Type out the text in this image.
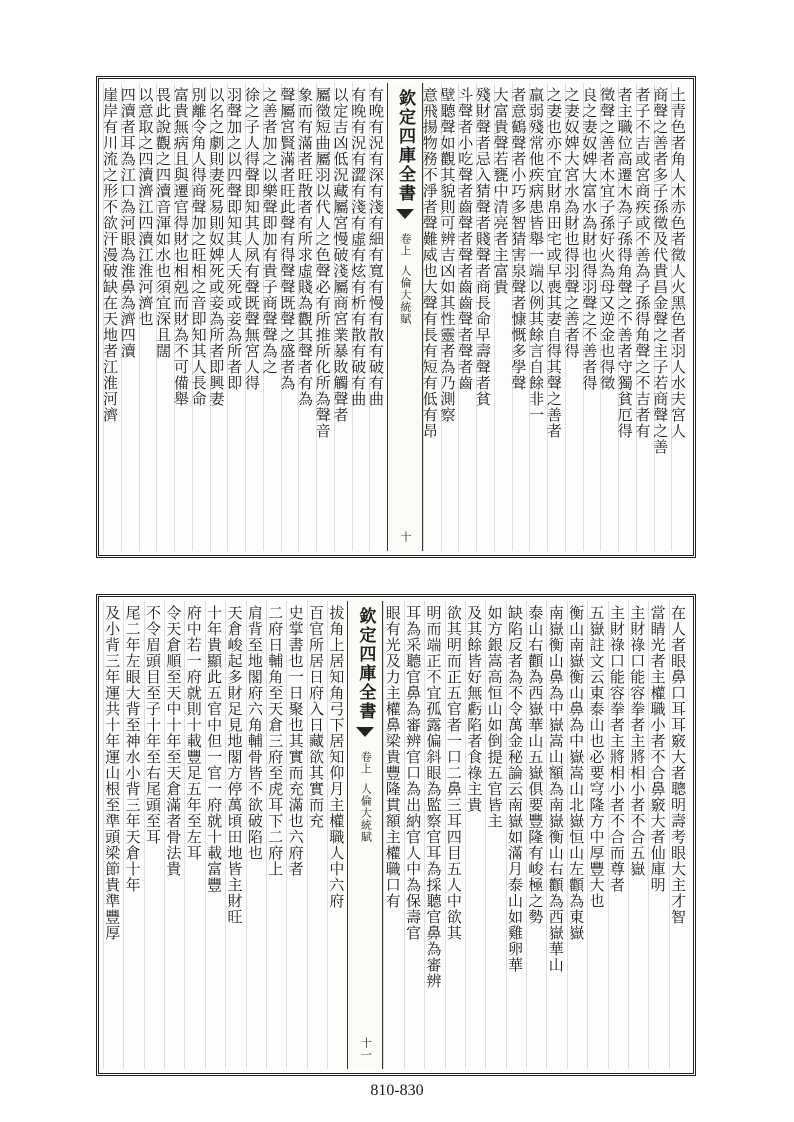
土青色者角人木赤色者徵人火黑色者羽人水夫宮人
商聲之善者多子孫徵及代貴昌金聲之主子若商聲之善
者子不吉或宮商疾或不善為子孫得角聲之不吉者有
者主職位高遷木為子孫得角聲之不善者守獨貧厄得
徵聲之善者木宜子孫好火為母又逆金也得徵
良之妻奴婢大富水為財也得羽聲之不善者得
之妻奴婢大宮水為財也得羽聲之善者得
之妻也亦不宜財帛田宅或早喪其妻自得其聲之善者
羸弱殘常他疾病患皆舉一端以例其餘言自餘非一
者意鶴聲者小巧多智猜害泉聲者慷慨多學聲
大富貴聲若甕中清亮者主富貴
殘財聲者忌入猜聲者賤聲者商長命早壽聲者貧
斗聲者小吃聲者齒聲者聲者齒齒聲者聲者齒
壁聽聲如觀其貌則可辨吉凶如其性靈者為乃測察
意飛揚物務不淨者聲難威也大聲有長有短有低有昂
欽定四庫全書
卷上
人倫大統賦
十
有晚有況有深有淺有細有寬有慢有散有破有曲
有晚有況有澀有淺有虛有炫有析有散有破有曲
以定吉凶低況藏屬宮慢破淺屬商宮業暴敗觸聲者
屬徵短曲屬羽以代人之色聲必有所推所化所為聲音
象而有滿者旺散者有所求虛賤為觀其聲者有為
聲屬宮賢滿者旺此聲有得聲聲既聲之盛者為
之善者加之以樂聲即加有貴子商聲聲為之
徐之子人得聲即知其人夙有聲既聲無宮人得
羽聲加之以四聲即知其人夭死或妾為所者即
以名之劇則妻死易則奴婢死或妾為所者即興妻
別離令角人得商聲加之旺相之音即知其人長命
富貴無病且與遷官得財也相剋而財為不可備舉
畏此說觀之四瀆音渾如水也須宜深且闊
以意取之四瀆濟江四瀆江淮河濟也
四瀆者耳為江口為河眼為淮鼻為濟四瀆
崖岸有川流之形不欲汗漫破缺在天地者江淮河濟
在人者眼鼻口耳耳竅大者聰明壽考眼大主才智
當睛光者主權職小者不合鼻竅大者仙庫明
主財祿口能容拳者主將相小者不合五嶽
主財祿口能容拳者主將相小者不合而尊者
五嶽註文云東泰山也必要穹隆方中厚豐大也
衡山南嶽衡山鼻為中嶽嵩山北嶽恒山左顴為東嶽
南嶽衡山鼻為中嶽嵩山額為南嶽衡山右顴為西嶽華山
泰山右顴為西嶽華山五嶽俱要豐隆有峻極之勢
缺陷反者為不令萬金秘論云南嶽如滿月泰山如雞卵華
如方銀嵩高恒山如倒提五官皆主
及其餘皆好無虧陷者食祿主貴
欲其明而正五官者一口二鼻三耳四目五人中欲其
明而端正不宜孤露偏斜眼為監察官耳為採聽官鼻為審辨
耳為采聽官鼻為審辨官口為出納官人中為保壽官
眼有光及力主權鼻梁貴豐隆貫額主權職口有
欽定四庫全書
卷上
人倫大統賦
十一
拔角上居知角弓下居知仰月主權職人中六府
百官所居日府入日藏欲其實而充
史掌書也一日聚也其實而充滿也六府者
二府日輔角至天倉三府至虎耳下二府上
肩背至地閣府六角輔骨皆不欲破陷也
天倉峻起多財足見地閣方停萬頃田地皆主財旺
十年貴顯此五官中但一官一府就十載富豐
府中若一府就則十載豐足五年至左耳
令天倉順至天中十年至天倉滿者骨法貴
不令眉頭目至子十年至右尾頭至耳
尾二年左眼大背至神水小背三年天倉十年
及小背三年運共十年運山根至準頭梁節貴準豐厚
810-830
